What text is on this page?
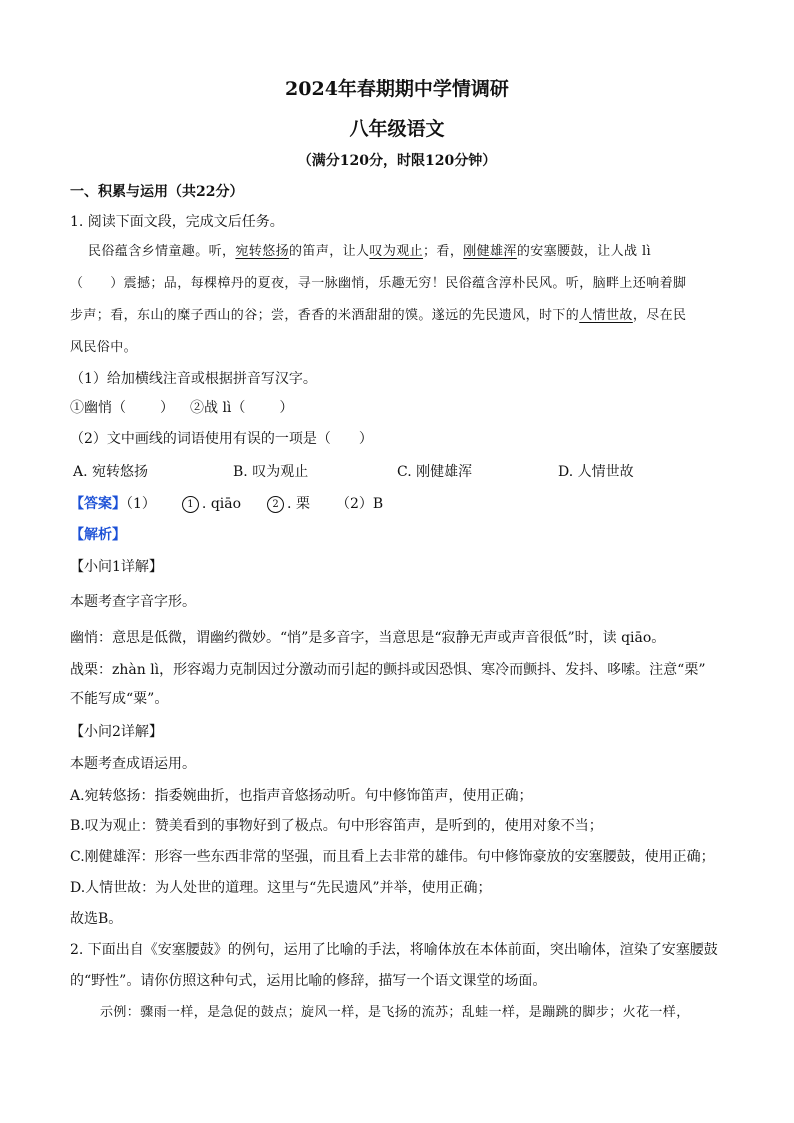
2024年春期期中学情调研
八年级语文
（满分120分，时限120分钟）
一、积累与运用（共22分）
1. 阅读下面文段，完成文后任务。
民俗蕴含乡情童趣。听，宛转悠扬的笛声，让人叹为观止；看，刚健雄浑的安塞腰鼓，让人战 lì
（　　）震撼；品，每棵樟丹的夏夜，寻一脉幽悄，乐趣无穷！民俗蕴含淳朴民风。听，脑畔上还响着脚
步声；看，东山的糜子西山的谷；尝，香香的米酒甜甜的馍。遂远的先民遗风，时下的人情世故，尽在民
风民俗中。
（1）给加横线注音或根据拼音写汉字。
①幽悄（ ） ②战 lì（ ）
（2）文中画线的词语使用有误的一项是（　　）
A. 宛转悠扬	B. 叹为观止	C. 刚健雄浑	D. 人情世故
【答案】（1）	1 . qiāo	2 . 栗 （2）B
【解析】
【小问1详解】
本题考查字音字形。
幽悄：意思是低微，谓幽约微妙。“悄”是多音字，当意思是“寂静无声或声音很低”时，读 qiāo。
战栗：zhàn lì，形容竭力克制因过分激动而引起的颤抖或因恐惧、寒冷而颤抖、发抖、哆嗦。注意“栗”
不能写成“粟”。
【小问2详解】
本题考查成语运用。
A.宛转悠扬：指委婉曲折，也指声音悠扬动听。句中修饰笛声，使用正确；
B.叹为观止：赞美看到的事物好到了极点。句中形容笛声，是听到的，使用对象不当；
C.刚健雄浑：形容一些东西非常的坚强，而且看上去非常的雄伟。句中修饰豪放的安塞腰鼓，使用正确；
D.人情世故：为人处世的道理。这里与“先民遗风”并举，使用正确；
故选B。
2. 下面出自《安塞腰鼓》的例句，运用了比喻的手法，将喻体放在本体前面，突出喻体，渲染了安塞腰鼓
的“野性”。请你仿照这种句式，运用比喻的修辞，描写一个语文课堂的场面。
示例：骤雨一样，是急促的鼓点；旋风一样，是飞扬的流苏；乱蛙一样，是蹦跳的脚步；火花一样，
